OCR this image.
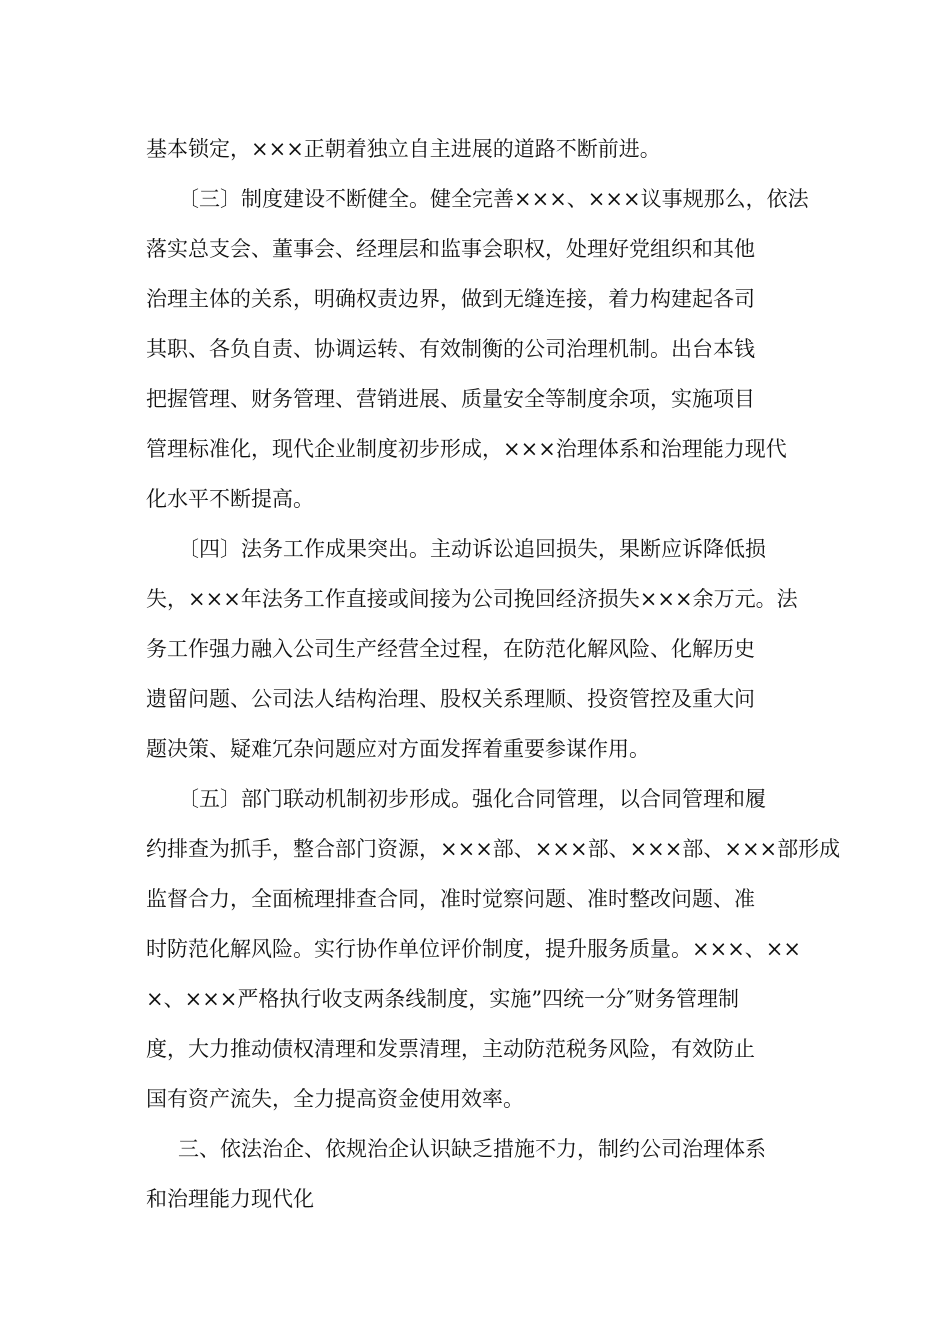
基本锁定，×××正朝着独立自主进展的道路不断前进。
〔三〕制度建设不断健全。健全完善×××、×××议事规那么，依法
落实总支会、董事会、经理层和监事会职权，处理好党组织和其他
治理主体的关系，明确权责边界，做到无缝连接，着力构建起各司
其职、各负自责、协调运转、有效制衡的公司治理机制。出台本钱
把握管理、财务管理、营销进展、质量安全等制度余项，实施项目
管理标准化，现代企业制度初步形成，×××治理体系和治理能力现代
化水平不断提高。
〔四〕法务工作成果突出。主动诉讼追回损失，果断应诉降低损
失，×××年法务工作直接或间接为公司挽回经济损失×××余万元。法
务工作强力融入公司生产经营全过程，在防范化解风险、化解历史
遗留问题、公司法人结构治理、股权关系理顺、投资管控及重大问
题决策、疑难冗杂问题应对方面发挥着重要参谋作用。
〔五〕部门联动机制初步形成。强化合同管理，以合同管理和履
约排查为抓手，整合部门资源，×××部、×××部、×××部、×××部形成
监督合力，全面梳理排查合同，准时觉察问题、准时整改问题、准
时防范化解风险。实行协作单位评价制度，提升服务质量。×××、××
×、×××严格执行收支两条线制度，实施”四统一分″财务管理制
度，大力推动债权清理和发票清理，主动防范税务风险，有效防止
国有资产流失，全力提高资金使用效率。
三、依法治企、依规治企认识缺乏措施不力，制约公司治理体系
和治理能力现代化
